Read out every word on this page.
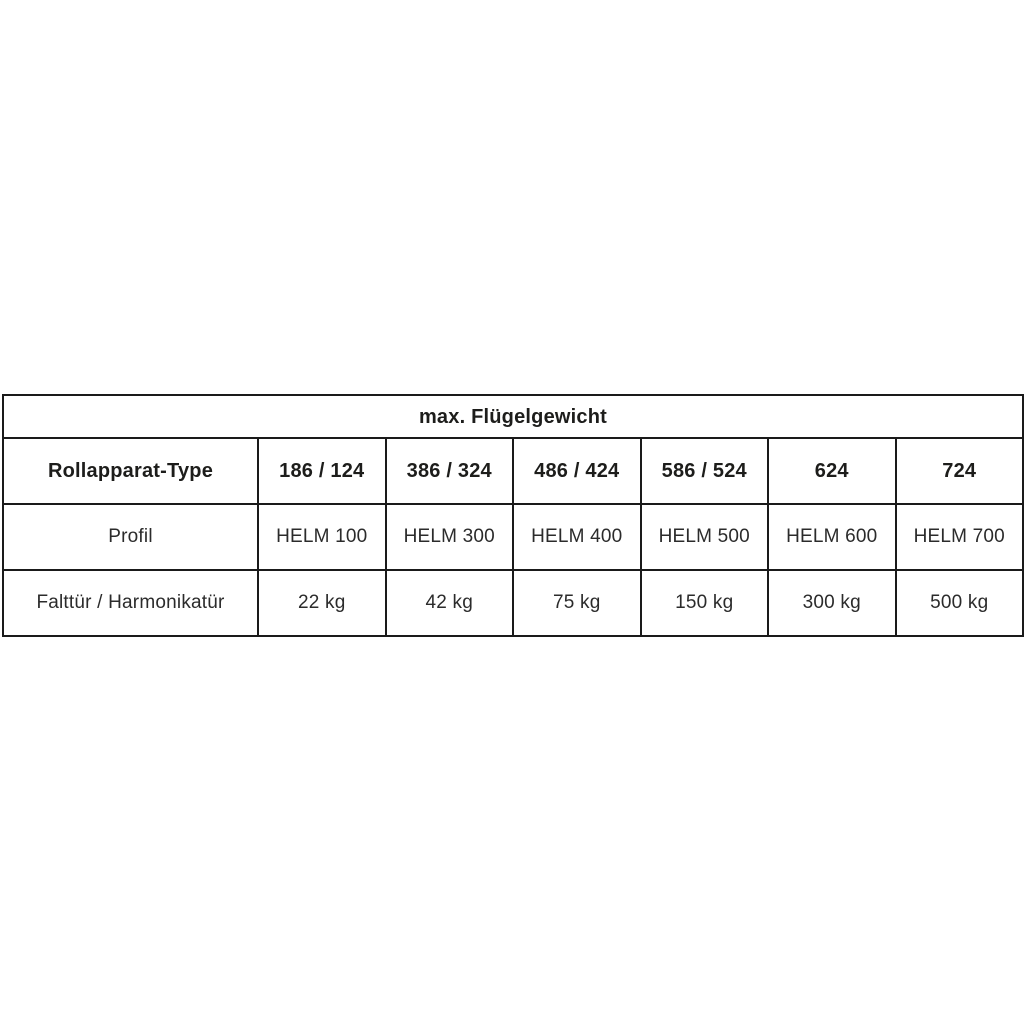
max. Flügelgewicht						
Rollapparat-Type	186 / 124	386 / 324	486 / 424	586 / 524	624	724
Profil	HELM 100	HELM 300	HELM 400	HELM 500	HELM 600	HELM 700
Falttür / Harmonikatür	22 kg	42 kg	75 kg	150 kg	300 kg	500 kg
